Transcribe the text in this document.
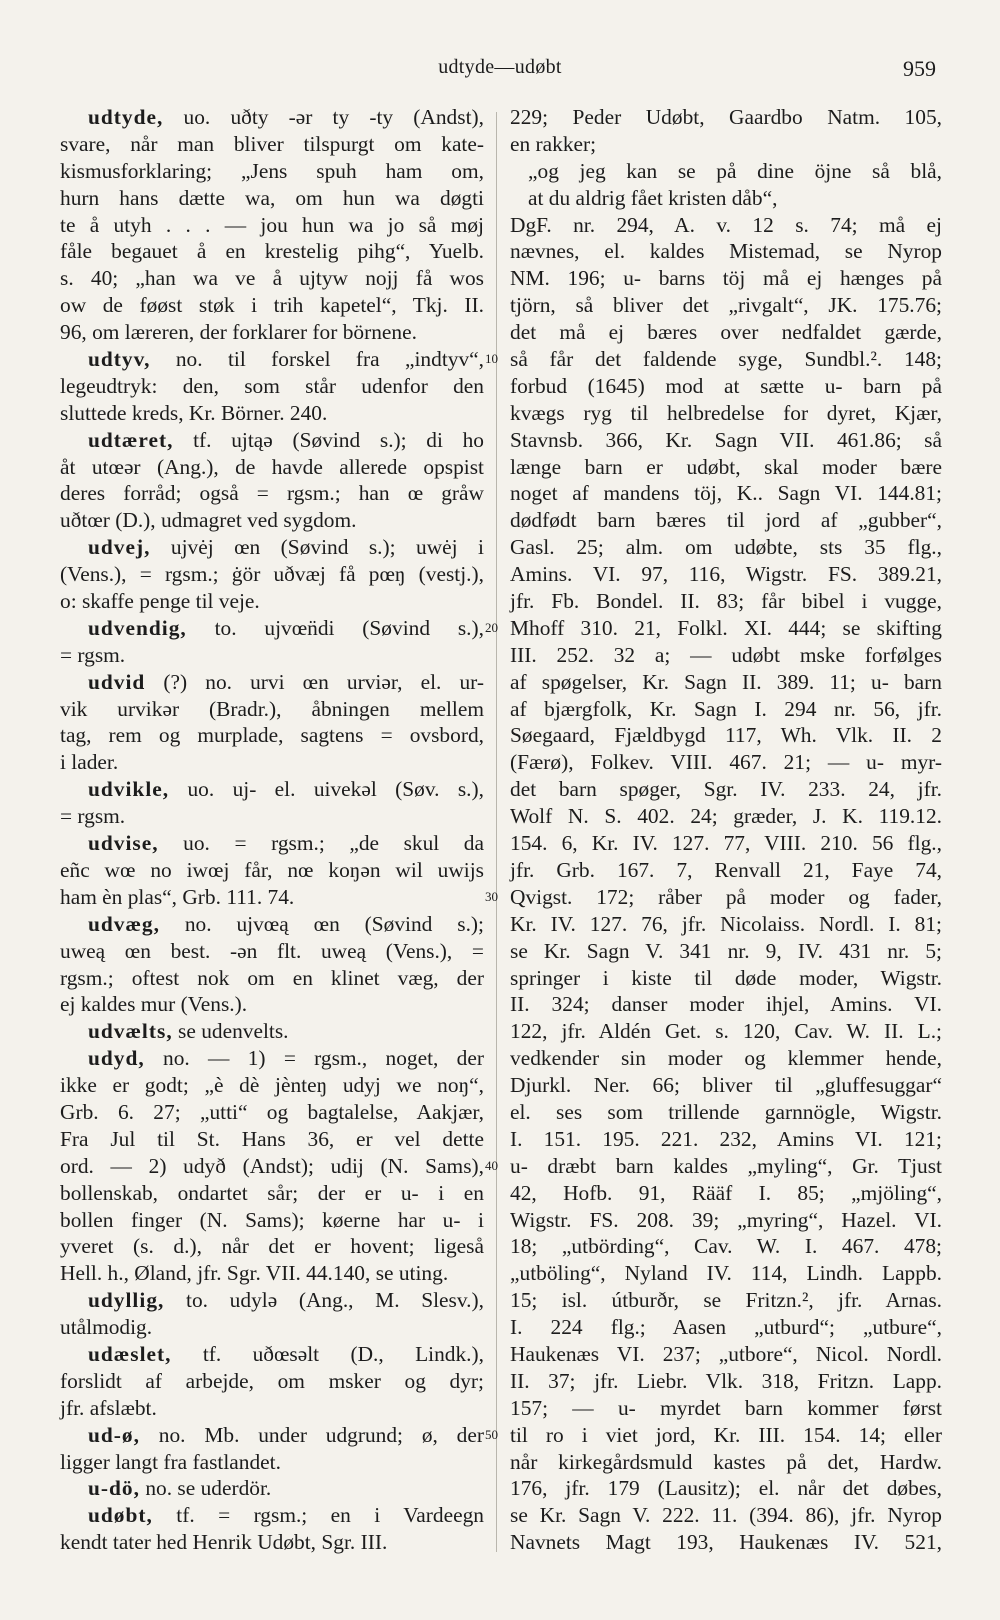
udtyde—udøbt	959
udtyde, uo. uðty -ər ty -ty (Andst),
svare, når man bliver tilspurgt om kate-
kismusforklaring; „Jens spuh ham om,
hurn hans dætte wa, om hun wa døgti
te å utyh . . . — jou hun wa jo så møj
fåle begauet å en krestelig pihg“, Yuelb.
s. 40; „han wa ve å ujtyw nojj få wos
ow de føøst støk i trih kapetel“, Tkj. II.
96, om læreren, der forklarer for börnene.
udtyv, no. til forskel fra „indtyv“,
legeudtryk: den, som står udenfor den
sluttede kreds, Kr. Börner. 240.
udtæret, tf. ujtąə (Søvind s.); di ho
åt utœər (Ang.), de havde allerede opspist
deres forråd; også = rgsm.; han œ gråw
uðtœr (D.), udmagret ved sygdom.
udvej, ujvėj œn (Søvind s.); uwėj i
(Vens.), = rgsm.; ġör uðvæj få pœŋ (vestj.),
o: skaffe penge til veje.
udvendig, to. ujvœn̈di (Søvind s.),
= rgsm.
udvid (?) no. urvi œn urviər, el. ur-
vik urvikər (Bradr.), åbningen mellem
tag, rem og murplade, sagtens = ovsbord,
i lader.
udvikle, uo. uj- el. uivekəl (Søv. s.),
= rgsm.
udvise, uo. = rgsm.; „de skul da
eñc wœ no iwœj får, nœ koŋən wil uwijs
ham èn plas“, Grb. 111. 74.
udvæg, no. ujvœą œn (Søvind s.);
uweą œn best. -ən flt. uweą (Vens.), =
rgsm.; oftest nok om en klinet væg, der
ej kaldes mur (Vens.).
udvælts, se udenvelts.
udyd, no. — 1) = rgsm., noget, der
ikke er godt; „è dè jènteŋ udyj we noŋ“,
Grb. 6. 27; „utti“ og bagtalelse, Aakjær,
Fra Jul til St. Hans 36, er vel dette
ord. — 2) udyð (Andst); udij (N. Sams),
bollenskab, ondartet sår; der er u- i en
bollen finger (N. Sams); køerne har u- i
yveret (s. d.), når det er hovent; ligeså
Hell. h., Øland, jfr. Sgr. VII. 44.140, se uting.
udyllig, to. udylə (Ang., M. Slesv.),
utålmodig.
udæslet, tf. uðœsəlt (D., Lindk.),
forslidt af arbejde, om msker og dyr;
jfr. afslæbt.
ud-ø, no. Mb. under udgrund; ø, der
ligger langt fra fastlandet.
u-dö, no. se uderdör.
udøbt, tf. = rgsm.; en i Vardeegn
kendt tater hed Henrik Udøbt, Sgr. III.
229; Peder Udøbt, Gaardbo Natm. 105,
en rakker;
„og jeg kan se på dine öjne så blå,
at du aldrig fået kristen dåb“,
DgF. nr. 294, A. v. 12 s. 74; må ej
nævnes, el. kaldes Mistemad, se Nyrop
NM. 196; u- barns töj må ej hænges på
tjörn, så bliver det „rivgalt“, JK. 175.76;
det må ej bæres over nedfaldet gærde,
så får det faldende syge, Sundbl.². 148;
forbud (1645) mod at sætte u- barn på
kvægs ryg til helbredelse for dyret, Kjær,
Stavnsb. 366, Kr. Sagn VII. 461.86; så
længe barn er udøbt, skal moder bære
noget af mandens töj, K.. Sagn VI. 144.81;
dødfødt barn bæres til jord af „gubber“,
Gasl. 25; alm. om udøbte, sts 35 flg.,
Amins. VI. 97, 116, Wigstr. FS. 389.21,
jfr. Fb. Bondel. II. 83; får bibel i vugge,
Mhoff 310. 21, Folkl. XI. 444; se skifting
III. 252. 32 a; — udøbt mske forfølges
af spøgelser, Kr. Sagn II. 389. 11; u- barn
af bjærgfolk, Kr. Sagn I. 294 nr. 56, jfr.
Søegaard, Fjældbygd 117, Wh. Vlk. II. 2
(Færø), Folkev. VIII. 467. 21; — u- myr-
det barn spøger, Sgr. IV. 233. 24, jfr.
Wolf N. S. 402. 24; græder, J. K. 119.12.
154. 6, Kr. IV. 127. 77, VIII. 210. 56 flg.,
jfr. Grb. 167. 7, Renvall 21, Faye 74,
Qvigst. 172; råber på moder og fader,
Kr. IV. 127. 76, jfr. Nicolaiss. Nordl. I. 81;
se Kr. Sagn V. 341 nr. 9, IV. 431 nr. 5;
springer i kiste til døde moder, Wigstr.
II. 324; danser moder ihjel, Amins. VI.
122, jfr. Aldén Get. s. 120, Cav. W. II. L.;
vedkender sin moder og klemmer hende,
Djurkl. Ner. 66; bliver til „gluffesuggar“
el. ses som trillende garnnögle, Wigstr.
I. 151. 195. 221. 232, Amins VI. 121;
u- dræbt barn kaldes „myling“, Gr. Tjust
42, Hofb. 91, Rääf I. 85; „mjöling“,
Wigstr. FS. 208. 39; „myring“, Hazel. VI.
18; „utbörding“, Cav. W. I. 467. 478;
„utböling“, Nyland IV. 114, Lindh. Lappb.
15; isl. útburðr, se Fritzn.², jfr. Arnas.
I. 224 flg.; Aasen „utburd“; „utbure“,
Haukenæs VI. 237; „utbore“, Nicol. Nordl.
II. 37; jfr. Liebr. Vlk. 318, Fritzn. Lapp.
157; — u- myrdet barn kommer først
til ro i viet jord, Kr. III. 154. 14; eller
når kirkegårdsmuld kastes på det, Hardw.
176, jfr. 179 (Lausitz); el. når det døbes,
se Kr. Sagn V. 222. 11. (394. 86), jfr. Nyrop
Navnets Magt 193, Haukenæs IV. 521,
10
20
30
40
50
